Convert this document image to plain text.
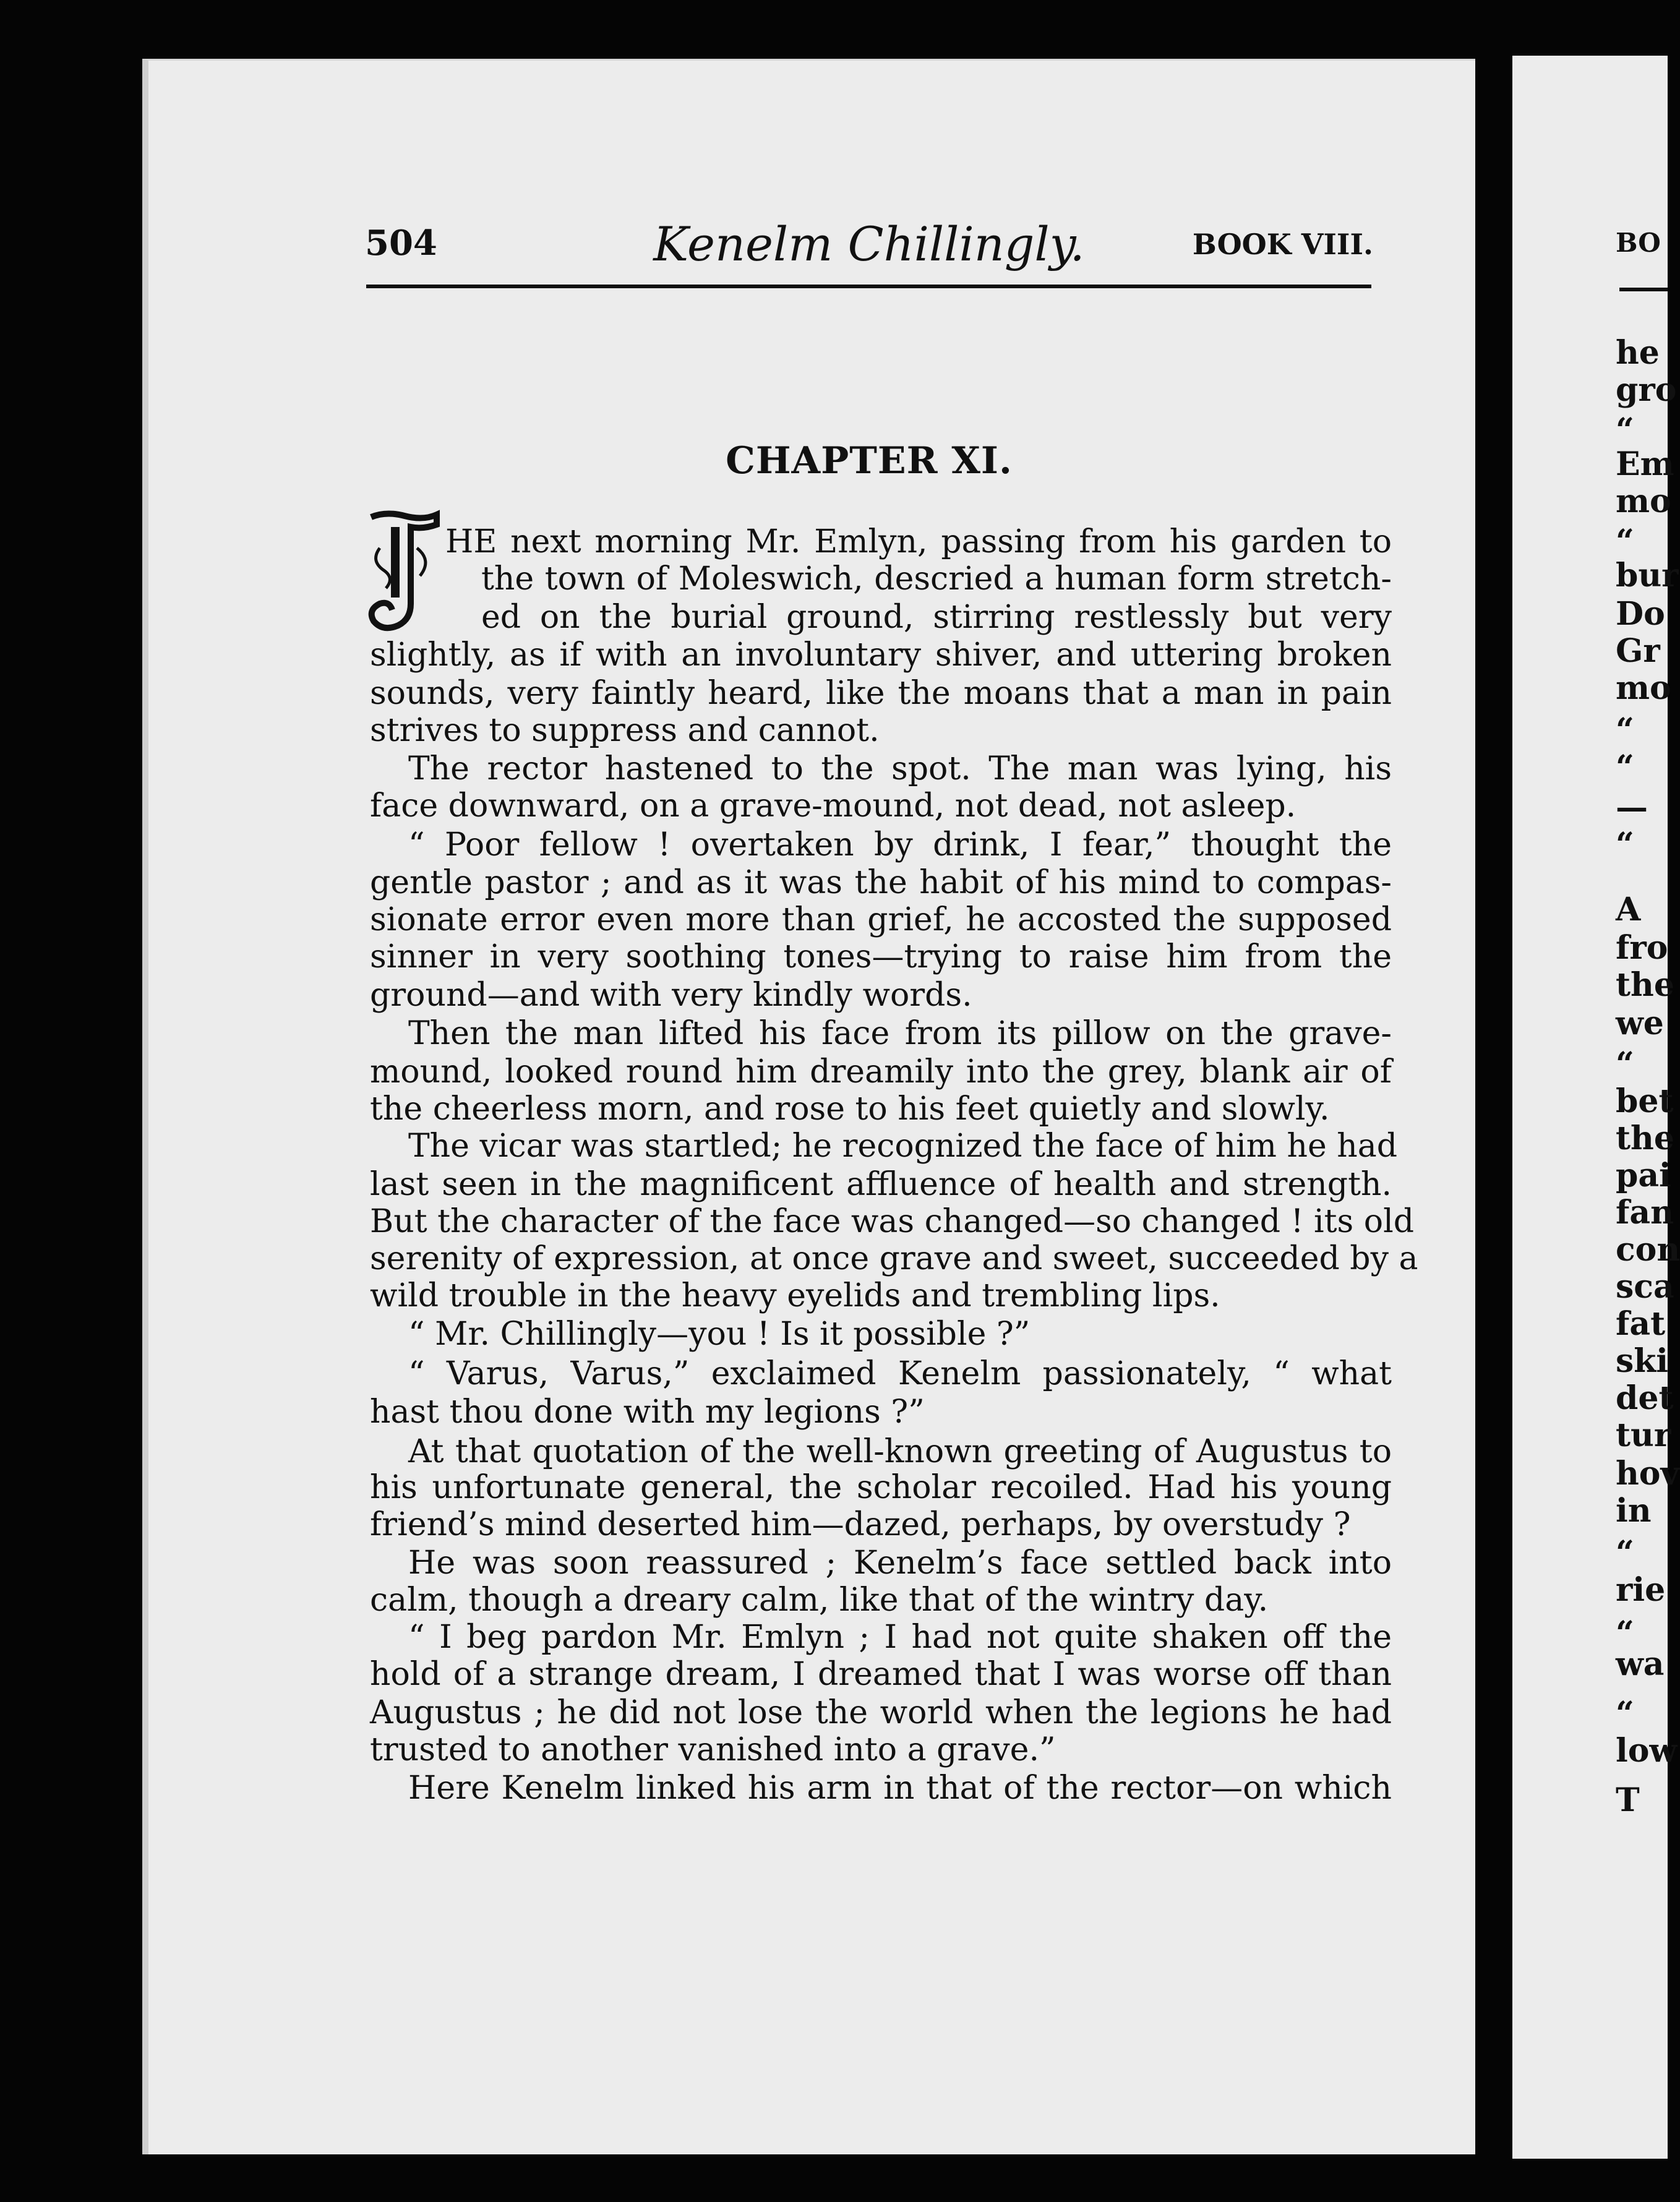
504	Kenelm Chillingly.	BOOK VIII.
CHAPTER XI.
HE next morning Mr. Emlyn, passing from his garden to
the town of Moleswich, descried a human form stretch-
ed on the burial ground, stirring restlessly but very
slightly, as if with an involuntary shiver, and uttering broken
sounds, very faintly heard, like the moans that a man in pain
strives to suppress and cannot.
The rector hastened to the spot. The man was lying, his
face downward, on a grave-mound, not dead, not asleep.
“ Poor fellow ! overtaken by drink, I fear,” thought the
gentle pastor ; and as it was the habit of his mind to compas-
sionate error even more than grief, he accosted the supposed
sinner in very soothing tones—trying to raise him from the
ground—and with very kindly words.
Then the man lifted his face from its pillow on the grave-
mound, looked round him dreamily into the grey, blank air of
the cheerless morn, and rose to his feet quietly and slowly.
The vicar was startled; he recognized the face of him he had
last seen in the magnificent affluence of health and strength.
But the character of the face was changed—so changed ! its old
serenity of expression, at once grave and sweet, succeeded by a
wild trouble in the heavy eyelids and trembling lips.
“ Mr. Chillingly—you ! Is it possible ?”
“ Varus, Varus,” exclaimed Kenelm passionately, “ what
hast thou done with my legions ?”
At that quotation of the well-known greeting of Augustus to
his unfortunate general, the scholar recoiled. Had his young
friend’s mind deserted him—dazed, perhaps, by overstudy ?
He was soon reassured ; Kenelm’s face settled back into
calm, though a dreary calm, like that of the wintry day.
“ I beg pardon Mr. Emlyn ; I had not quite shaken off the
hold of a strange dream, I dreamed that I was worse off than
Augustus ; he did not lose the world when the legions he had
trusted to another vanished into a grave.”
Here Kenelm linked his arm in that of the rector—on which
BO
he
gro
“
Em
mo
“
bur
Do
Gr
mo
“
“
—
“
A
fro
the
we
“
bet
the
pai
fan
con
sca
fat
ski
det
tur
hov
in
“
rie
“
wa
“
low
T
